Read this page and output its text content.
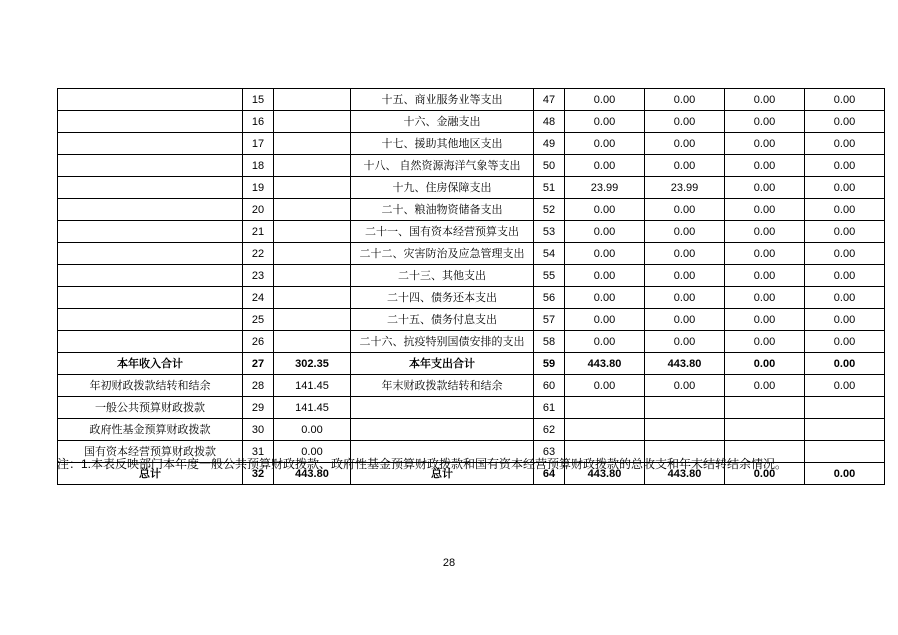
	15		十五、商业服务业等支出	47	0.00	0.00	0.00	0.00
	16		十六、金融支出	48	0.00	0.00	0.00	0.00
	17		十七、援助其他地区支出	49	0.00	0.00	0.00	0.00
	18		十八、 自然资源海洋气象等支出	50	0.00	0.00	0.00	0.00
	19		十九、住房保障支出	51	23.99	23.99	0.00	0.00
	20		二十、粮油物资储备支出	52	0.00	0.00	0.00	0.00
	21		二十一、国有资本经营预算支出	53	0.00	0.00	0.00	0.00
	22		二十二、灾害防治及应急管理支出	54	0.00	0.00	0.00	0.00
	23		二十三、其他支出	55	0.00	0.00	0.00	0.00
	24		二十四、债务还本支出	56	0.00	0.00	0.00	0.00
	25		二十五、债务付息支出	57	0.00	0.00	0.00	0.00
	26		二十六、抗疫特别国债安排的支出	58	0.00	0.00	0.00	0.00
本年收入合计	27	302.35	本年支出合计	59	443.80	443.80	0.00	0.00
年初财政拨款结转和结余	28	141.45	年末财政拨款结转和结余	60	0.00	0.00	0.00	0.00
一般公共预算财政拨款	29	141.45		61				
政府性基金预算财政拨款	30	0.00		62				
国有资本经营预算财政拨款	31	0.00		63				
总计	32	443.80	总计	64	443.80	443.80	0.00	0.00
注：1.本表反映部门本年度一般公共预算财政拨款、政府性基金预算财政拨款和国有资本经营预算财政拨款的总收支和年末结转结余情况。
28
